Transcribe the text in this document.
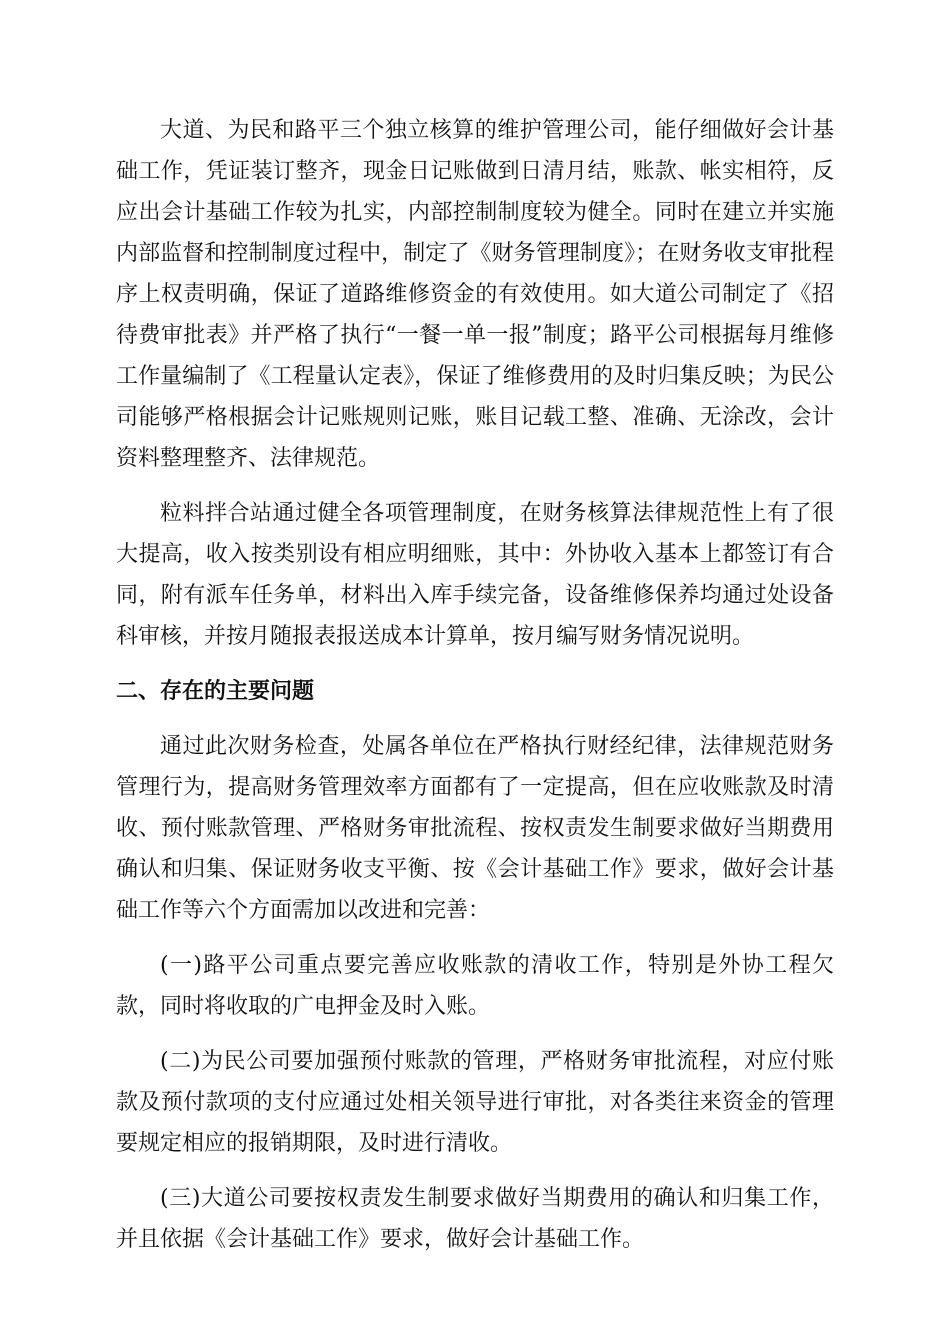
大道、为民和路平三个独立核算的维护管理公司，能仔细做好会计基础工作，凭证装订整齐，现金日记账做到日清月结，账款、帐实相符，反应出会计基础工作较为扎实，内部控制制度较为健全。同时在建立并实施内部监督和控制制度过程中，制定了《财务管理制度》；在财务收支审批程序上权责明确，保证了道路维修资金的有效使用。如大道公司制定了《招待费审批表》并严格了执行“一餐一单一报”制度；路平公司根据每月维修工作量编制了《工程量认定表》，保证了维修费用的及时归集反映；为民公司能够严格根据会计记账规则记账，账目记载工整、准确、无涂改，会计资料整理整齐、法律规范。

粒料拌合站通过健全各项管理制度，在财务核算法律规范性上有了很大提高，收入按类别设有相应明细账，其中：外协收入基本上都签订有合同，附有派车任务单，材料出入库手续完备，设备维修保养均通过处设备科审核，并按月随报表报送成本计算单，按月编写财务情况说明。

二、存在的主要问题

通过此次财务检查，处属各单位在严格执行财经纪律，法律规范财务管理行为，提高财务管理效率方面都有了一定提高，但在应收账款及时清收、预付账款管理、严格财务审批流程、按权责发生制要求做好当期费用确认和归集、保证财务收支平衡、按《会计基础工作》要求，做好会计基础工作等六个方面需加以改进和完善：

(一)路平公司重点要完善应收账款的清收工作，特别是外协工程欠款，同时将收取的广电押金及时入账。

(二)为民公司要加强预付账款的管理，严格财务审批流程，对应付账款及预付款项的支付应通过处相关领导进行审批，对各类往来资金的管理要规定相应的报销期限，及时进行清收。

(三)大道公司要按权责发生制要求做好当期费用的确认和归集工作，并且依据《会计基础工作》要求，做好会计基础工作。
